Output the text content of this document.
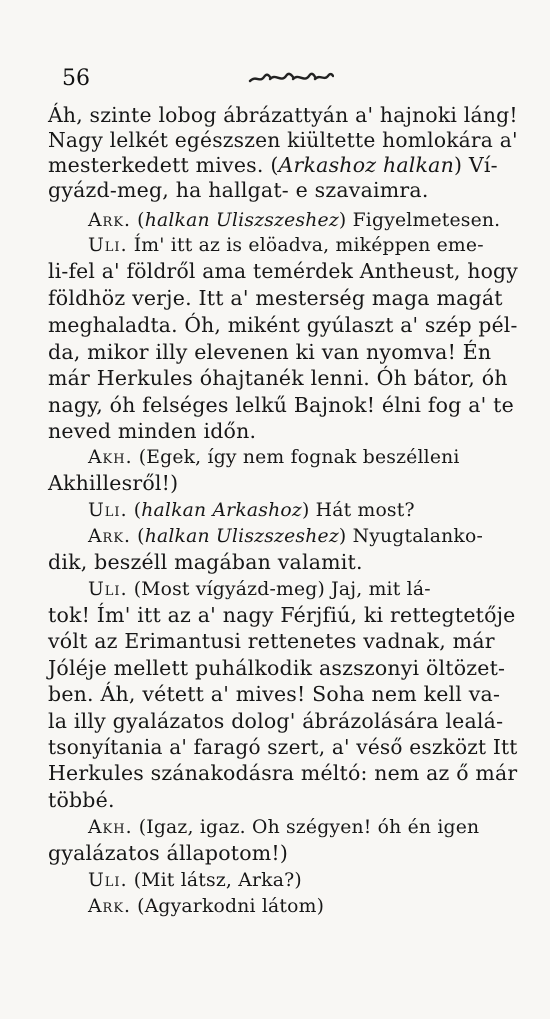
56
Áh, szinte lobog ábrázattyán a' hajnoki láng!
Nagy lelkét egészszen kiültette homlokára a'
mesterkedett mives. (Arkashoz halkan) Ví-
gyázd-meg, ha hallgat- e szavaimra.
Ark. (halkan Uliszszeshez) Figyelmetesen.
Uli. Ím' itt az is elöadva, miképpen eme-
li-fel a' földről ama temérdek Antheust, hogy
földhöz verje. Itt a' mesterség maga magát
meghaladta. Óh, miként gyúlaszt a' szép pél-
da, mikor illy elevenen ki van nyomva! Én
már Herkules óhajtanék lenni. Óh bátor, óh
nagy, óh felséges lelkű Bajnok! élni fog a' te
neved minden időn.
Akh. (Egek, így nem fognak beszélleni
Akhillesről!)
Uli. (halkan Arkashoz) Hát most?
Ark. (halkan Uliszszeshez) Nyugtalanko-
dik, beszéll magában valamit.
Uli. (Most vígyázd-meg) Jaj, mit lá-
tok! Ím' itt az a' nagy Férjfiú, ki rettegtetője
vólt az Erimantusi rettenetes vadnak, már
Jóléje mellett puhálkodik aszszonyi öltözet-
ben. Áh, vétett a' mives! Soha nem kell va-
la illy gyalázatos dolog' ábrázolására lealá-
tsonyítania a' faragó szert, a' véső eszközt Itt
Herkules szánakodásra méltó: nem az ő már
többé.
Akh. (Igaz, igaz. Oh szégyen! óh én igen
gyalázatos állapotom!)
Uli. (Mit látsz, Arka?)
Ark. (Agyarkodni látom)
